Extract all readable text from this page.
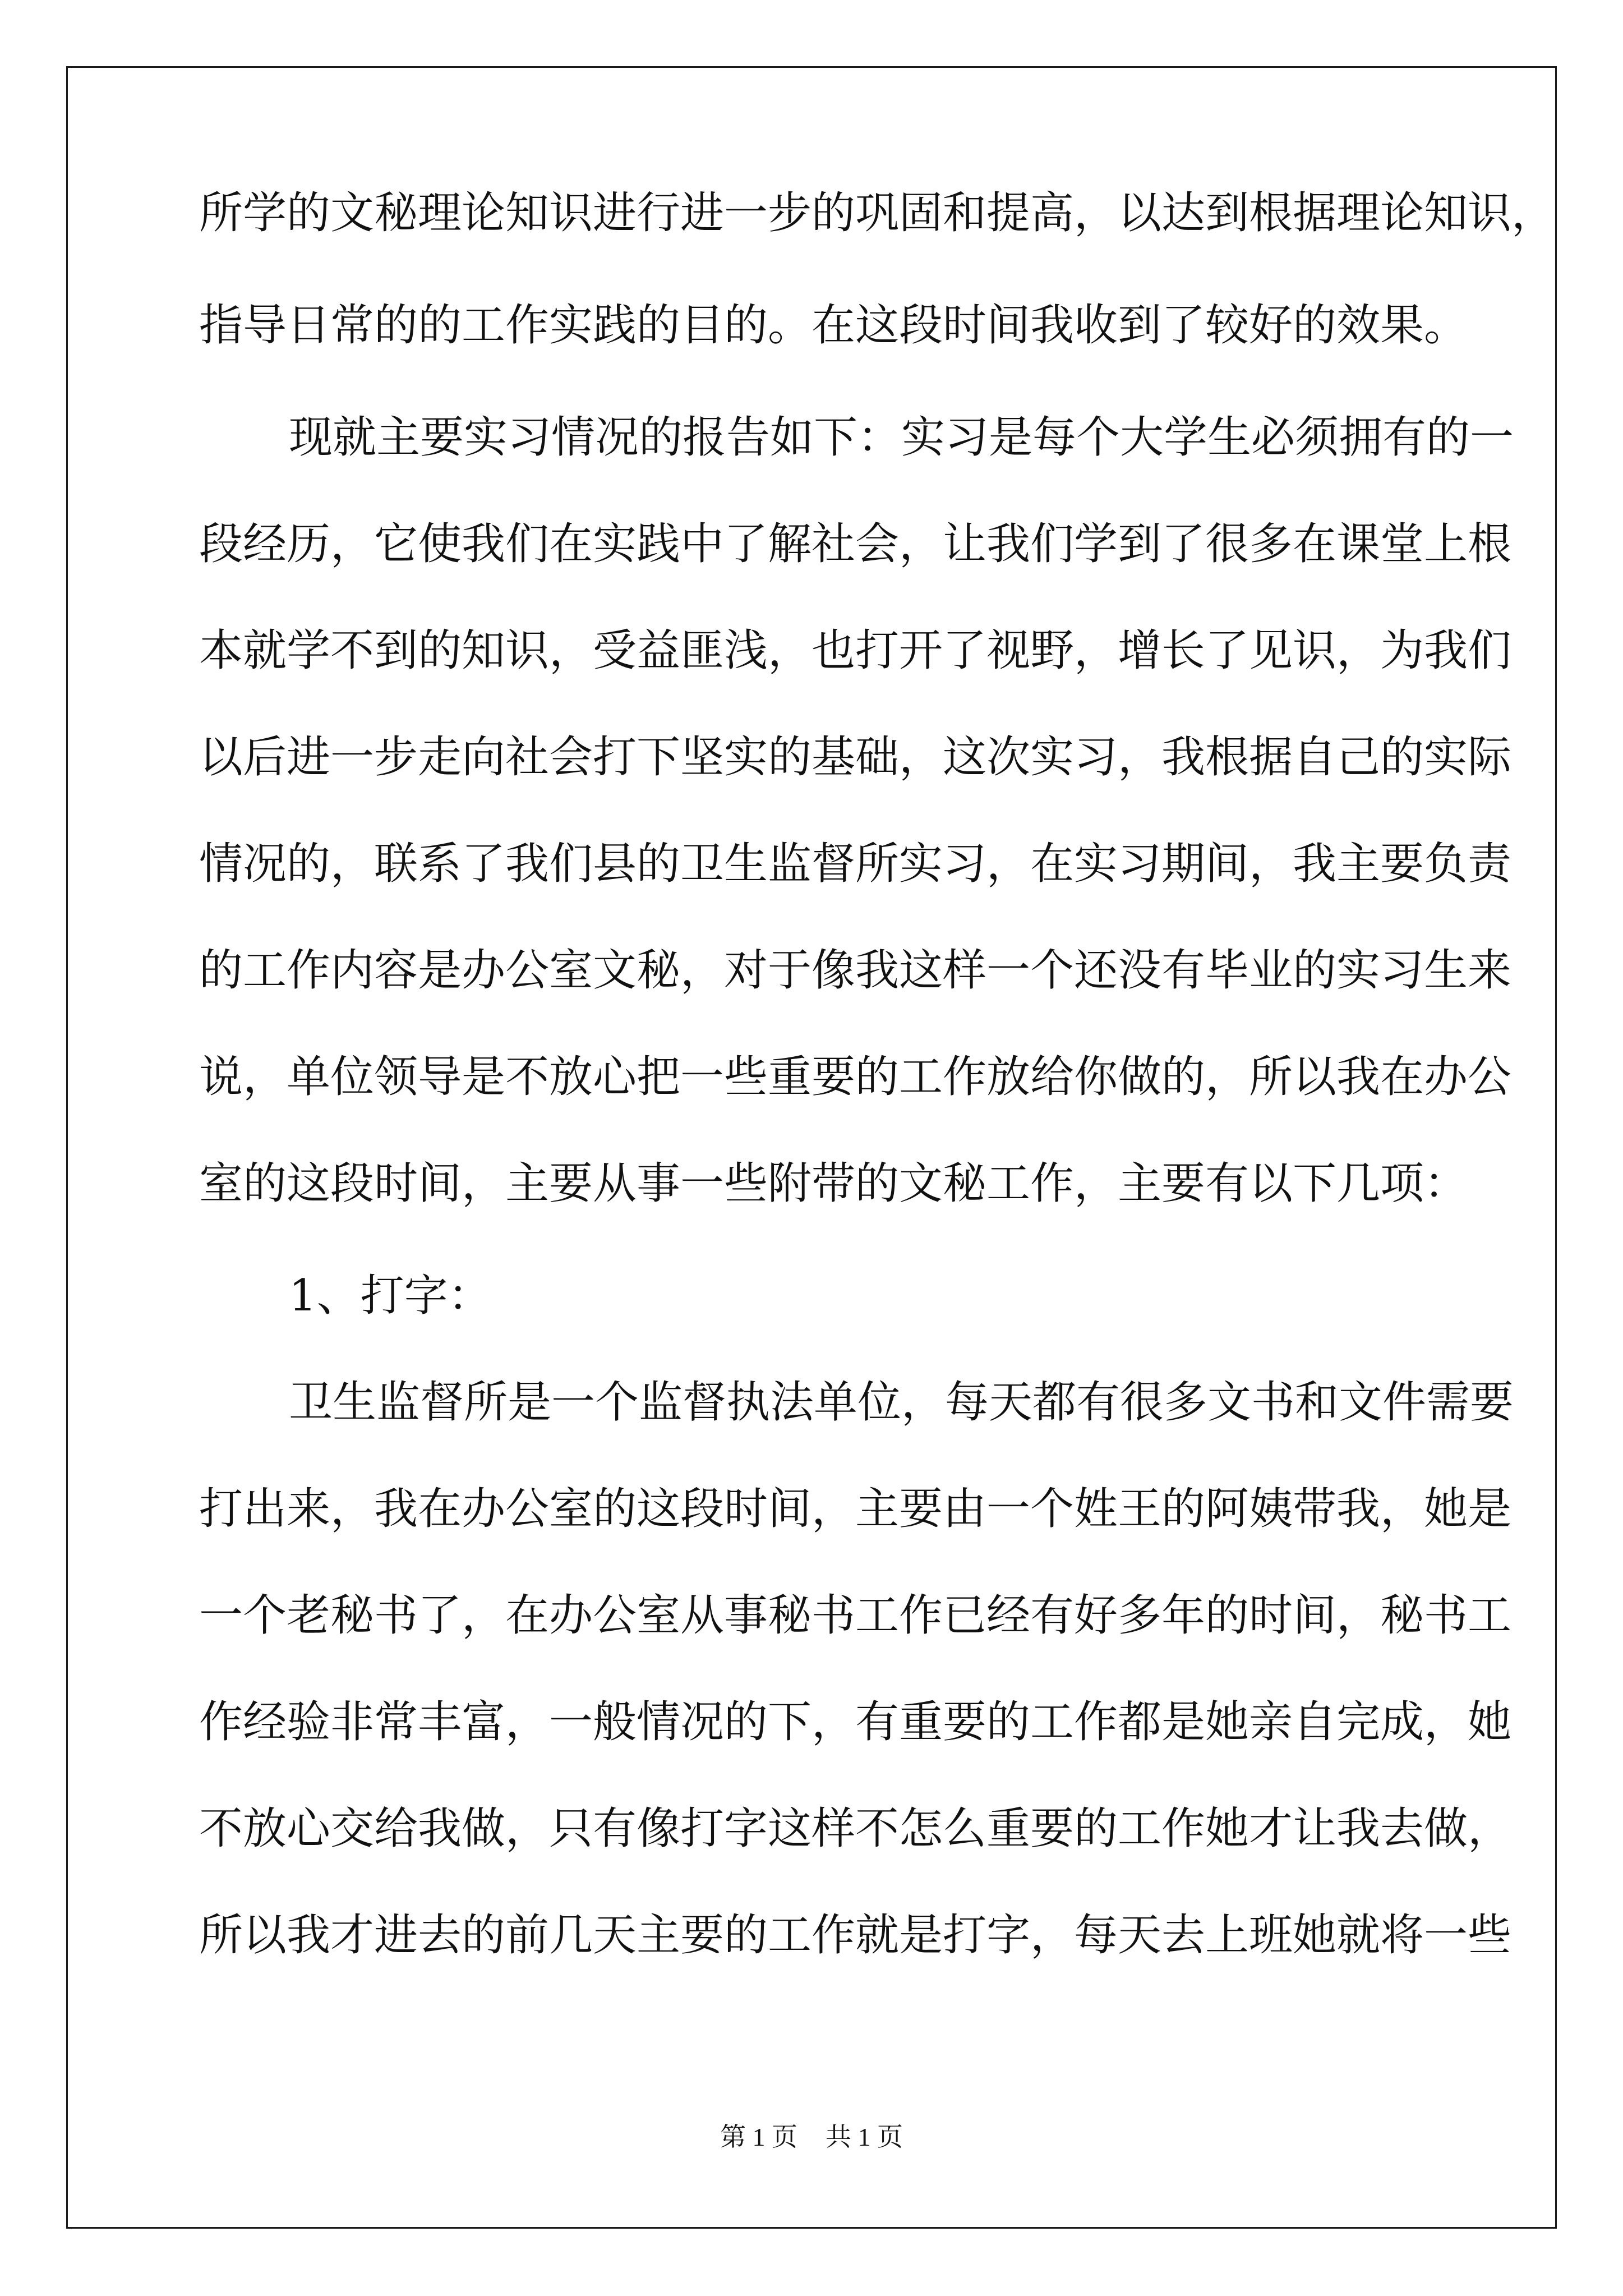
所学的文秘理论知识进行进一步的巩固和提高，以达到根据理论知识，
指导日常的的工作实践的目的。在这段时间我收到了较好的效果。
现就主要实习情况的报告如下：实习是每个大学生必须拥有的一
段经历，它使我们在实践中了解社会，让我们学到了很多在课堂上根
本就学不到的知识，受益匪浅，也打开了视野，增长了见识，为我们
以后进一步走向社会打下坚实的基础，这次实习，我根据自己的实际
情况的，联系了我们县的卫生监督所实习，在实习期间，我主要负责
的工作内容是办公室文秘，对于像我这样一个还没有毕业的实习生来
说，单位领导是不放心把一些重要的工作放给你做的，所以我在办公
室的这段时间，主要从事一些附带的文秘工作，主要有以下几项：
1、打字：
卫生监督所是一个监督执法单位，每天都有很多文书和文件需要
打出来，我在办公室的这段时间，主要由一个姓王的阿姨带我，她是
一个老秘书了，在办公室从事秘书工作已经有好多年的时间，秘书工
作经验非常丰富，一般情况的下，有重要的工作都是她亲自完成，她
不放心交给我做，只有像打字这样不怎么重要的工作她才让我去做，
所以我才进去的前几天主要的工作就是打字，每天去上班她就将一些
第 1 页 共 1 页
